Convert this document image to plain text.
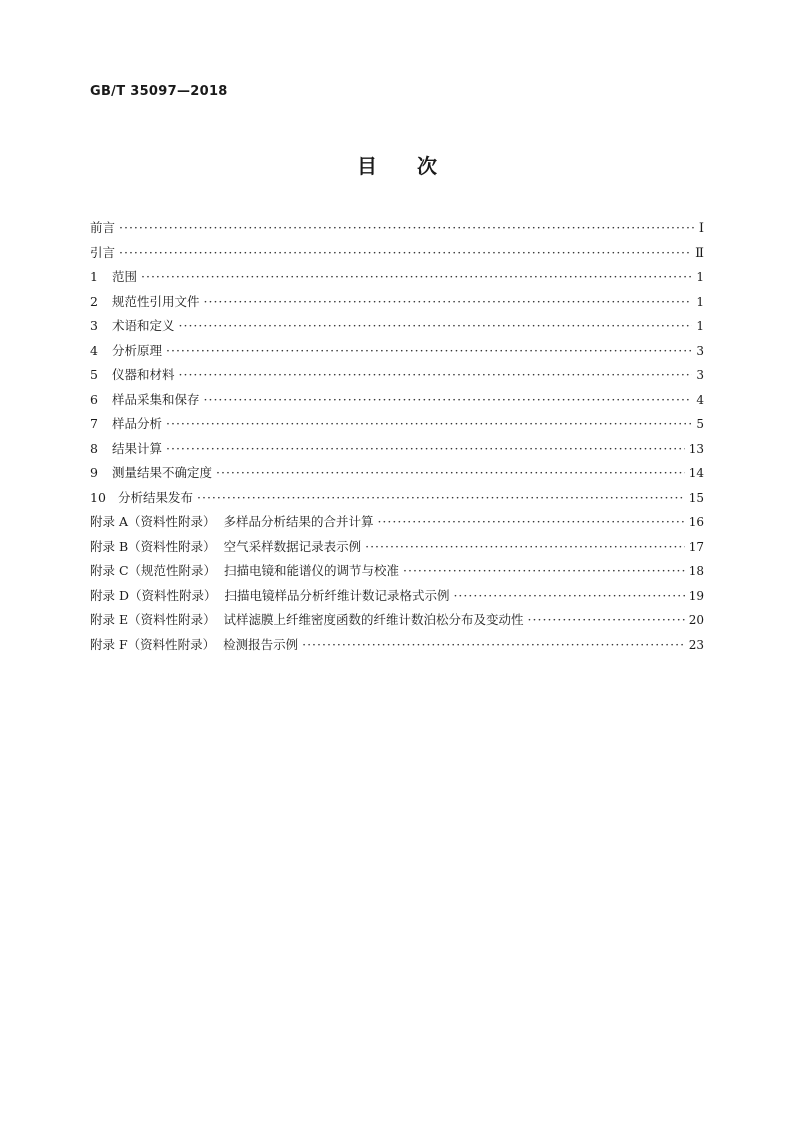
GB/T 35097—2018
目次
前言 ·····	Ⅰ
引言 ·····	Ⅱ
1 范围 ·····	1
2 规范性引用文件 ·····	1
3 术语和定义 ·····	1
4 分析原理 ·····	3
5 仪器和材料 ·····	3
6 样品采集和保存 ·····	4
7 样品分析 ·····	5
8 结果计算 ·····	13
9 测量结果不确定度 ·····	14
10 分析结果发布 ·····	15
附录 A（资料性附录）  多样品分析结果的合并计算 ·····	16
附录 B（资料性附录）  空气采样数据记录表示例 ·····	17
附录 C（规范性附录）  扫描电镜和能谱仪的调节与校准 ·····	18
附录 D（资料性附录）  扫描电镜样品分析纤维计数记录格式示例 ·····	19
附录 E（资料性附录）  试样滤膜上纤维密度函数的纤维计数泊松分布及变动性 ·····	20
附录 F（资料性附录）  检测报告示例 ·····	23
